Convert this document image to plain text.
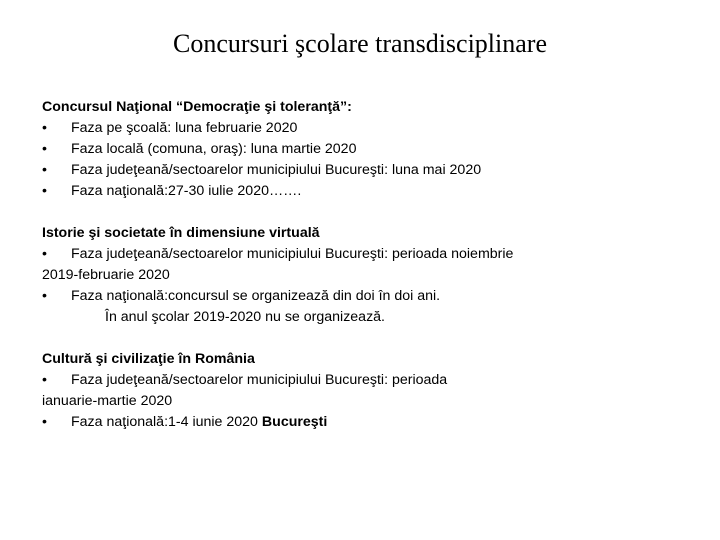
Concursuri şcolare transdisciplinare
Concursul Naţional “Democraţie şi toleranţă”:
• Faza pe şcoală: luna februarie 2020
• Faza locală (comuna, oraş): luna martie 2020
• Faza judeţeană/sectoarelor municipiului Bucureşti: luna mai 2020
• Faza naţională:27-30 iulie 2020…….
Istorie şi societate în dimensiune virtuală
• Faza judeţeană/sectoarelor municipiului Bucureşti: perioada noiembrie
2019-februarie 2020
• Faza naţională:concursul se organizează din doi în doi ani.
În anul şcolar 2019-2020 nu se organizează.
Cultură şi civilizaţie în România
• Faza judeţeană/sectoarelor municipiului Bucureşti: perioada
ianuarie-martie 2020
• Faza naţională:1-4 iunie 2020 Bucureşti
